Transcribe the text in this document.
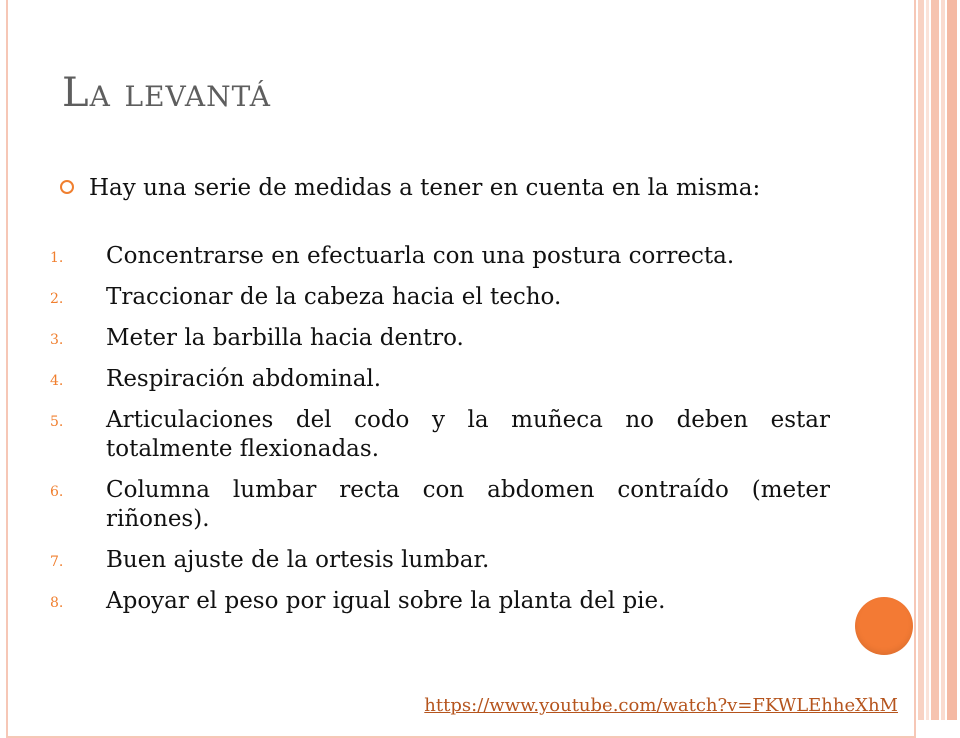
La levantá
Hay una serie de medidas a tener en cuenta en la misma:
1. Concentrarse en efectuarla con una postura correcta.
2. Traccionar de la cabeza hacia el techo.
3. Meter la barbilla hacia dentro.
4. Respiración abdominal.
5. Articulaciones del codo y la muñeca no deben estar totalmente flexionadas.
6. Columna lumbar recta con abdomen contraído (meter riñones).
7. Buen ajuste de la ortesis lumbar.
8. Apoyar el peso por igual sobre la planta del pie.
https://www.youtube.com/watch?v=FKWLEhheXhM
